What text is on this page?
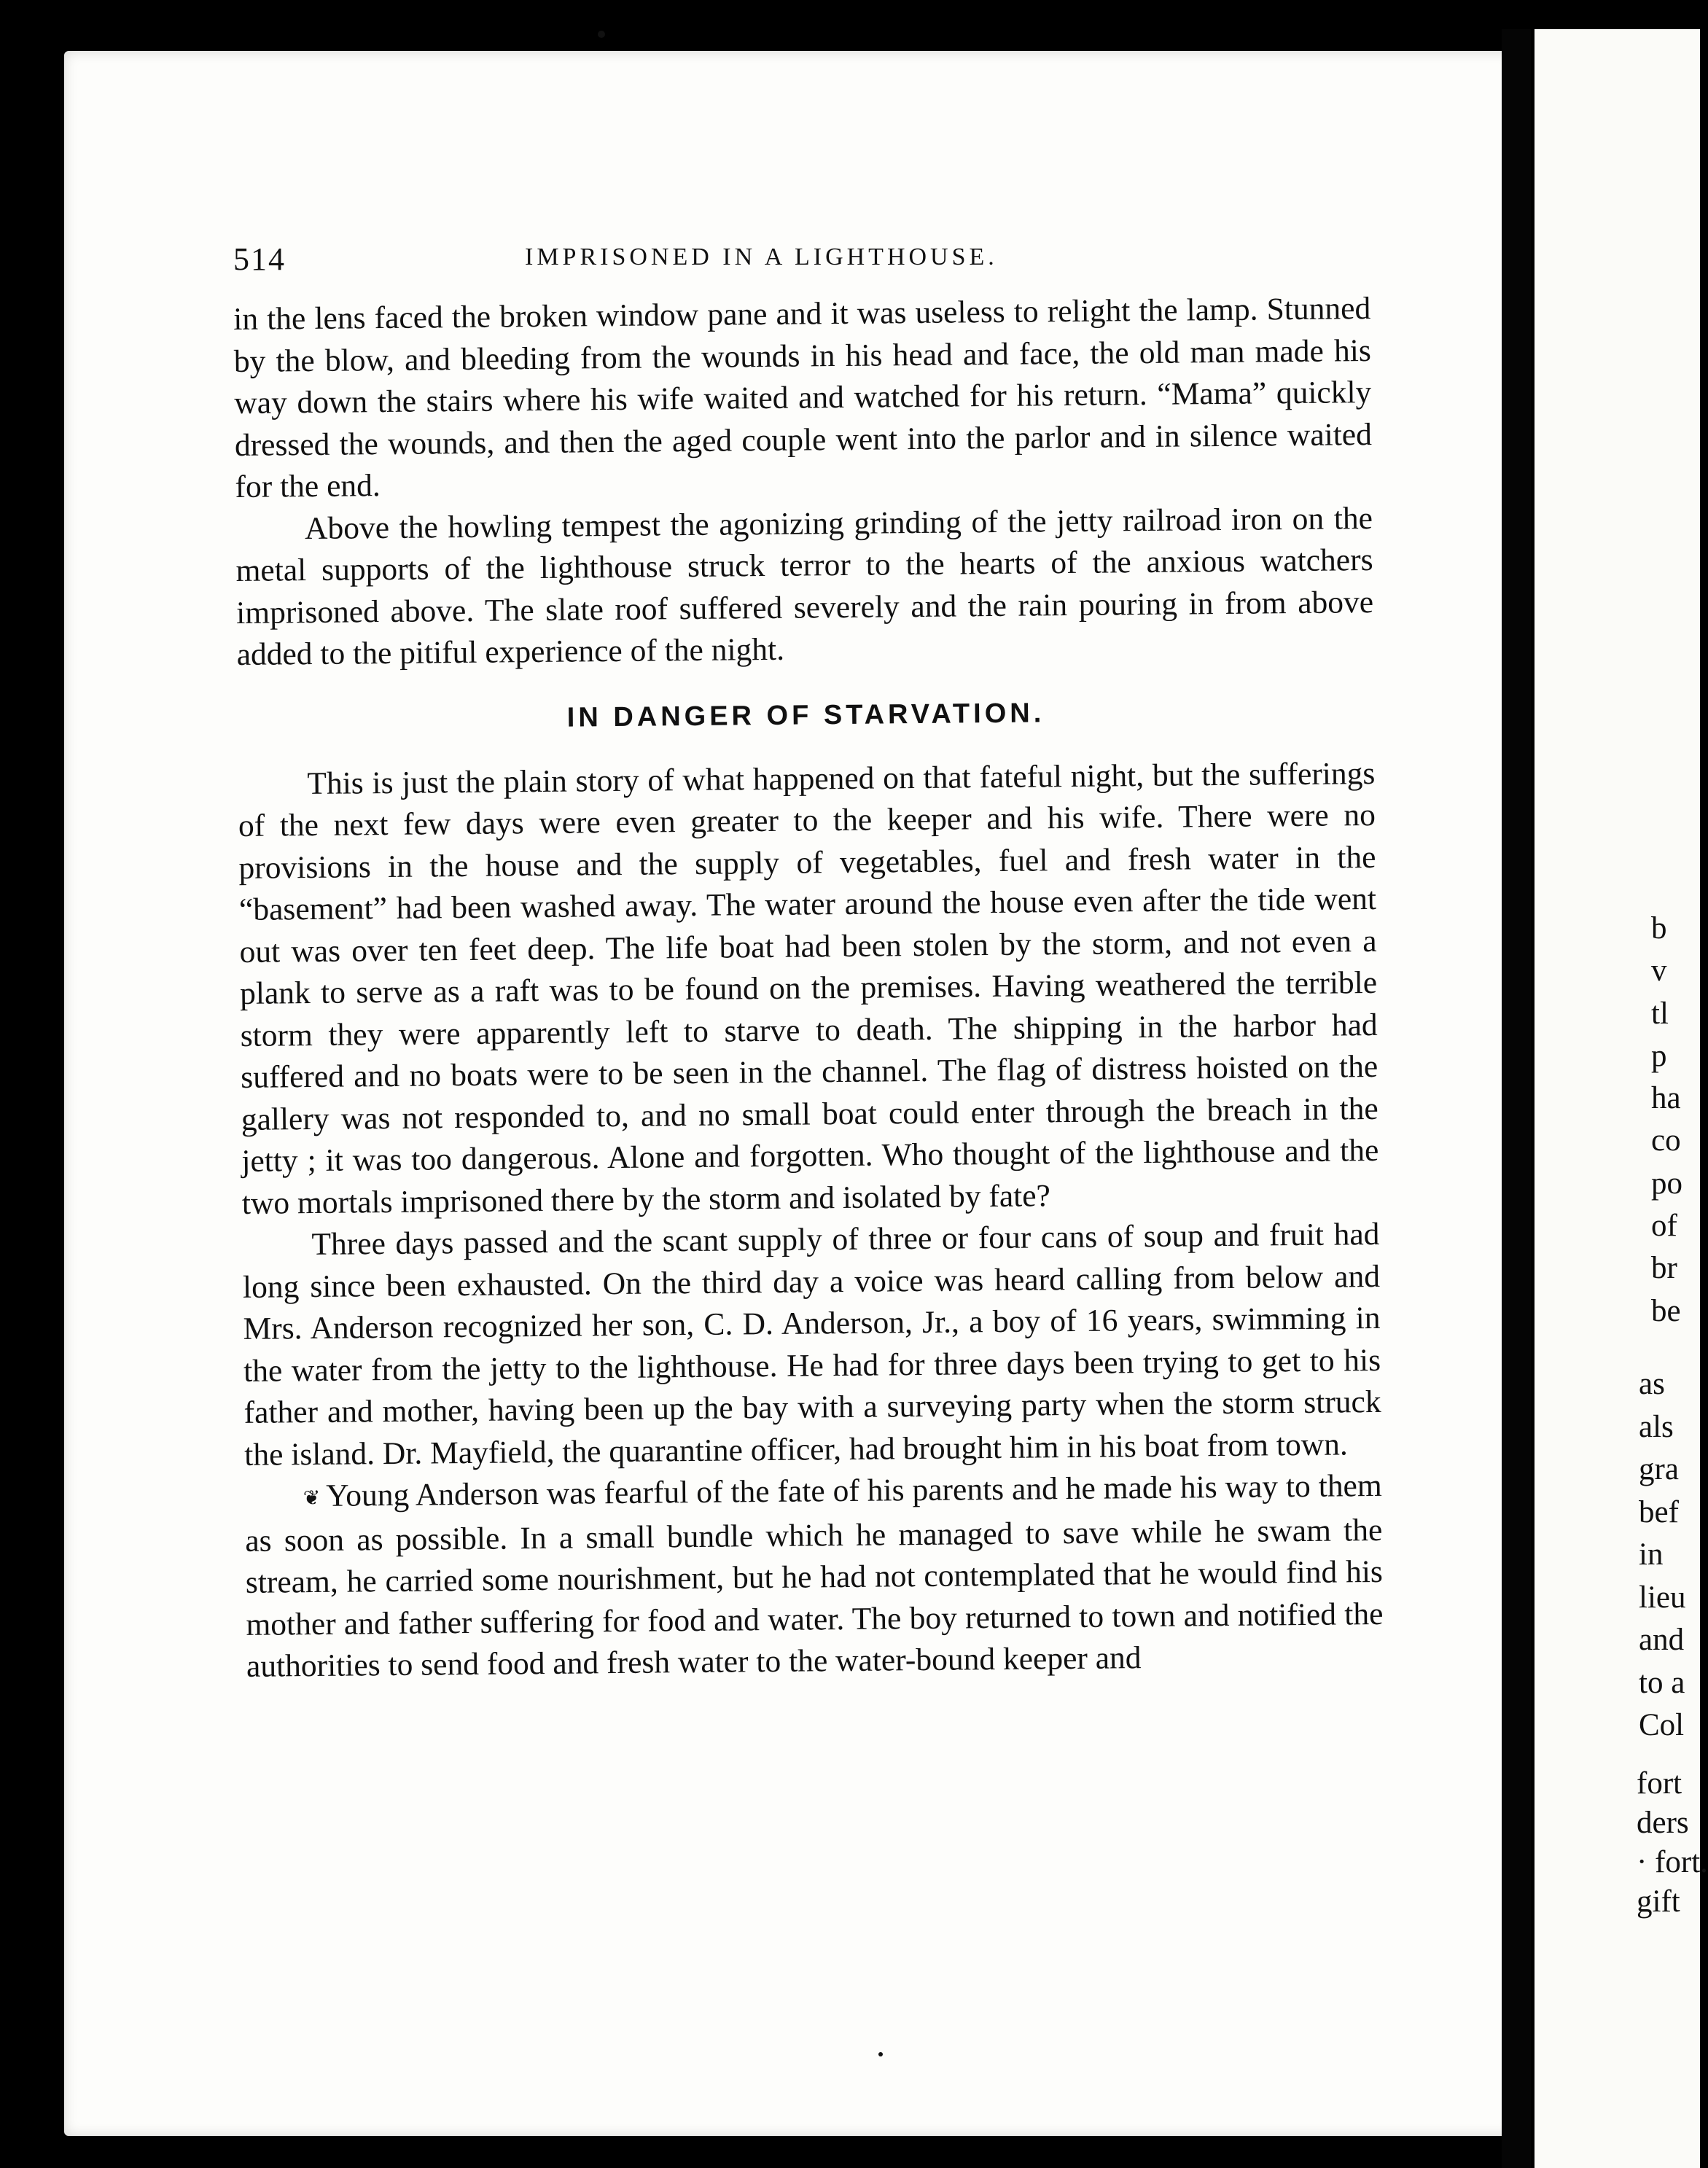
514	IMPRISONED IN A LIGHTHOUSE.

in the lens faced the broken window pane and it was useless to relight the lamp. Stunned by the blow, and bleeding from the wounds in his head and face, the old man made his way down the stairs where his wife waited and watched for his return. “Mama” quickly dressed the wounds, and then the aged couple went into the parlor and in silence waited for the end.

Above the howling tempest the agonizing grinding of the jetty railroad iron on the metal supports of the lighthouse struck terror to the hearts of the anxious watchers imprisoned above. The slate roof suffered severely and the rain pouring in from above added to the pitiful experience of the night.

IN DANGER OF STARVATION.

This is just the plain story of what happened on that fateful night, but the sufferings of the next few days were even greater to the keeper and his wife. There were no provisions in the house and the supply of vegetables, fuel and fresh water in the “basement” had been washed away. The water around the house even after the tide went out was over ten feet deep. The life boat had been stolen by the storm, and not even a plank to serve as a raft was to be found on the premises. Having weathered the terrible storm they were apparently left to starve to death. The shipping in the harbor had suffered and no boats were to be seen in the channel. The flag of distress hoisted on the gallery was not responded to, and no small boat could enter through the breach in the jetty ; it was too dangerous. Alone and forgotten. Who thought of the lighthouse and the two mortals imprisoned there by the storm and isolated by fate?

Three days passed and the scant supply of three or four cans of soup and fruit had long since been exhausted. On the third day a voice was heard calling from below and Mrs. Anderson recognized her son, C. D. Anderson, Jr., a boy of 16 years, swimming in the water from the jetty to the lighthouse. He had for three days been trying to get to his father and mother, having been up the bay with a surveying party when the storm struck the island. Dr. Mayfield, the quarantine officer, had brought him in his boat from town.

❦ Young Anderson was fearful of the fate of his parents and he made his way to them as soon as possible. In a small bundle which he managed to save while he swam the stream, he carried some nourishment, but he had not contemplated that he would find his mother and father suffering for food and water. The boy returned to town and notified the authorities to send food and fresh water to the water-bound keeper and

b
v
tl
p
ha
co
po
of
br
be
as
als
gra
bef
in
lieu
and
to a
Col
fort
ders
· fort.
gift
